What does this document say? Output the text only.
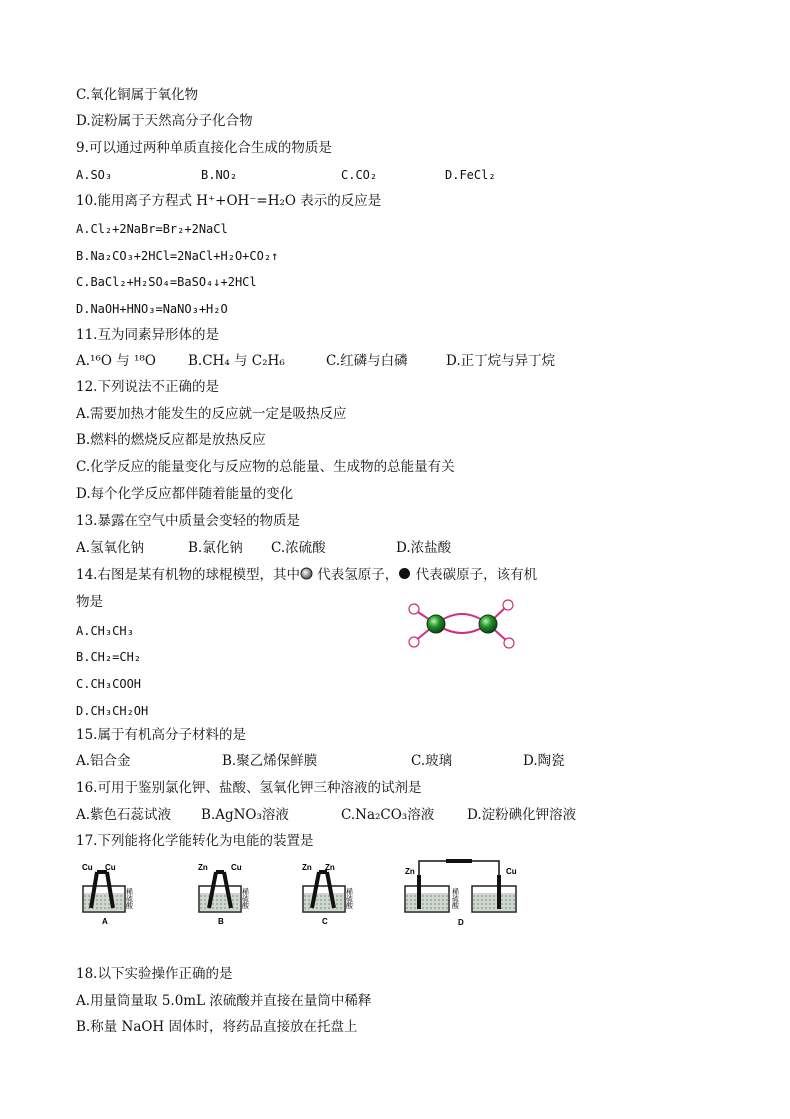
C.氧化铜属于氧化物
D.淀粉属于天然高分子化合物
9.可以通过两种单质直接化合生成的物质是
A.SO₃	B.NO₂	C.CO₂	D.FeCl₂
10.能用离子方程式 H⁺+OH⁻=H₂O 表示的反应是
A.Cl₂+2NaBr=Br₂+2NaCl
B.Na₂CO₃+2HCl=2NaCl+H₂O+CO₂↑
C.BaCl₂+H₂SO₄=BaSO₄↓+2HCl
D.NaOH+HNO₃=NaNO₃+H₂O
11.互为同素异形体的是
A.¹⁶O 与 ¹⁸O B.CH₄ 与 C₂H₆	C.红磷与白磷	D.正丁烷与异丁烷
12.下列说法不正确的是
A.需要加热才能发生的反应就一定是吸热反应
B.燃料的燃烧反应都是放热反应
C.化学反应的能量变化与反应物的总能量、生成物的总能量有关
D.每个化学反应都伴随着能量的变化
13.暴露在空气中质量会变轻的物质是
A.氢氧化钠	B.氯化钠 C.浓硫酸	D.浓盐酸
14.右图是某有机物的球棍模型，其中 代表氢原子， 代表碳原子，该有机
物是
A.CH₃CH₃
B.CH₂=CH₂
C.CH₃COOH
D.CH₃CH₂OH
15.属于有机高分子材料的是
A.铝合金	B.聚乙烯保鲜膜	C.玻璃	D.陶瓷
16.可用于鉴别氯化钾、盐酸、氢氧化钾三种溶液的试剂是
A.紫色石蕊试液 B.AgNO₃溶液	C.Na₂CO₃溶液 D.淀粉碘化钾溶液
17.下列能将化学能转化为电能的装置是
Cu Cu
稀硫酸
A
Zn	Cu
稀硫酸
B
Zn Zn
稀硫酸
C
Zn	Cu
稀硫酸
D
18.以下实验操作正确的是
A.用量筒量取 5.0mL 浓硫酸并直接在量筒中稀释
B.称量 NaOH 固体时，将药品直接放在托盘上
